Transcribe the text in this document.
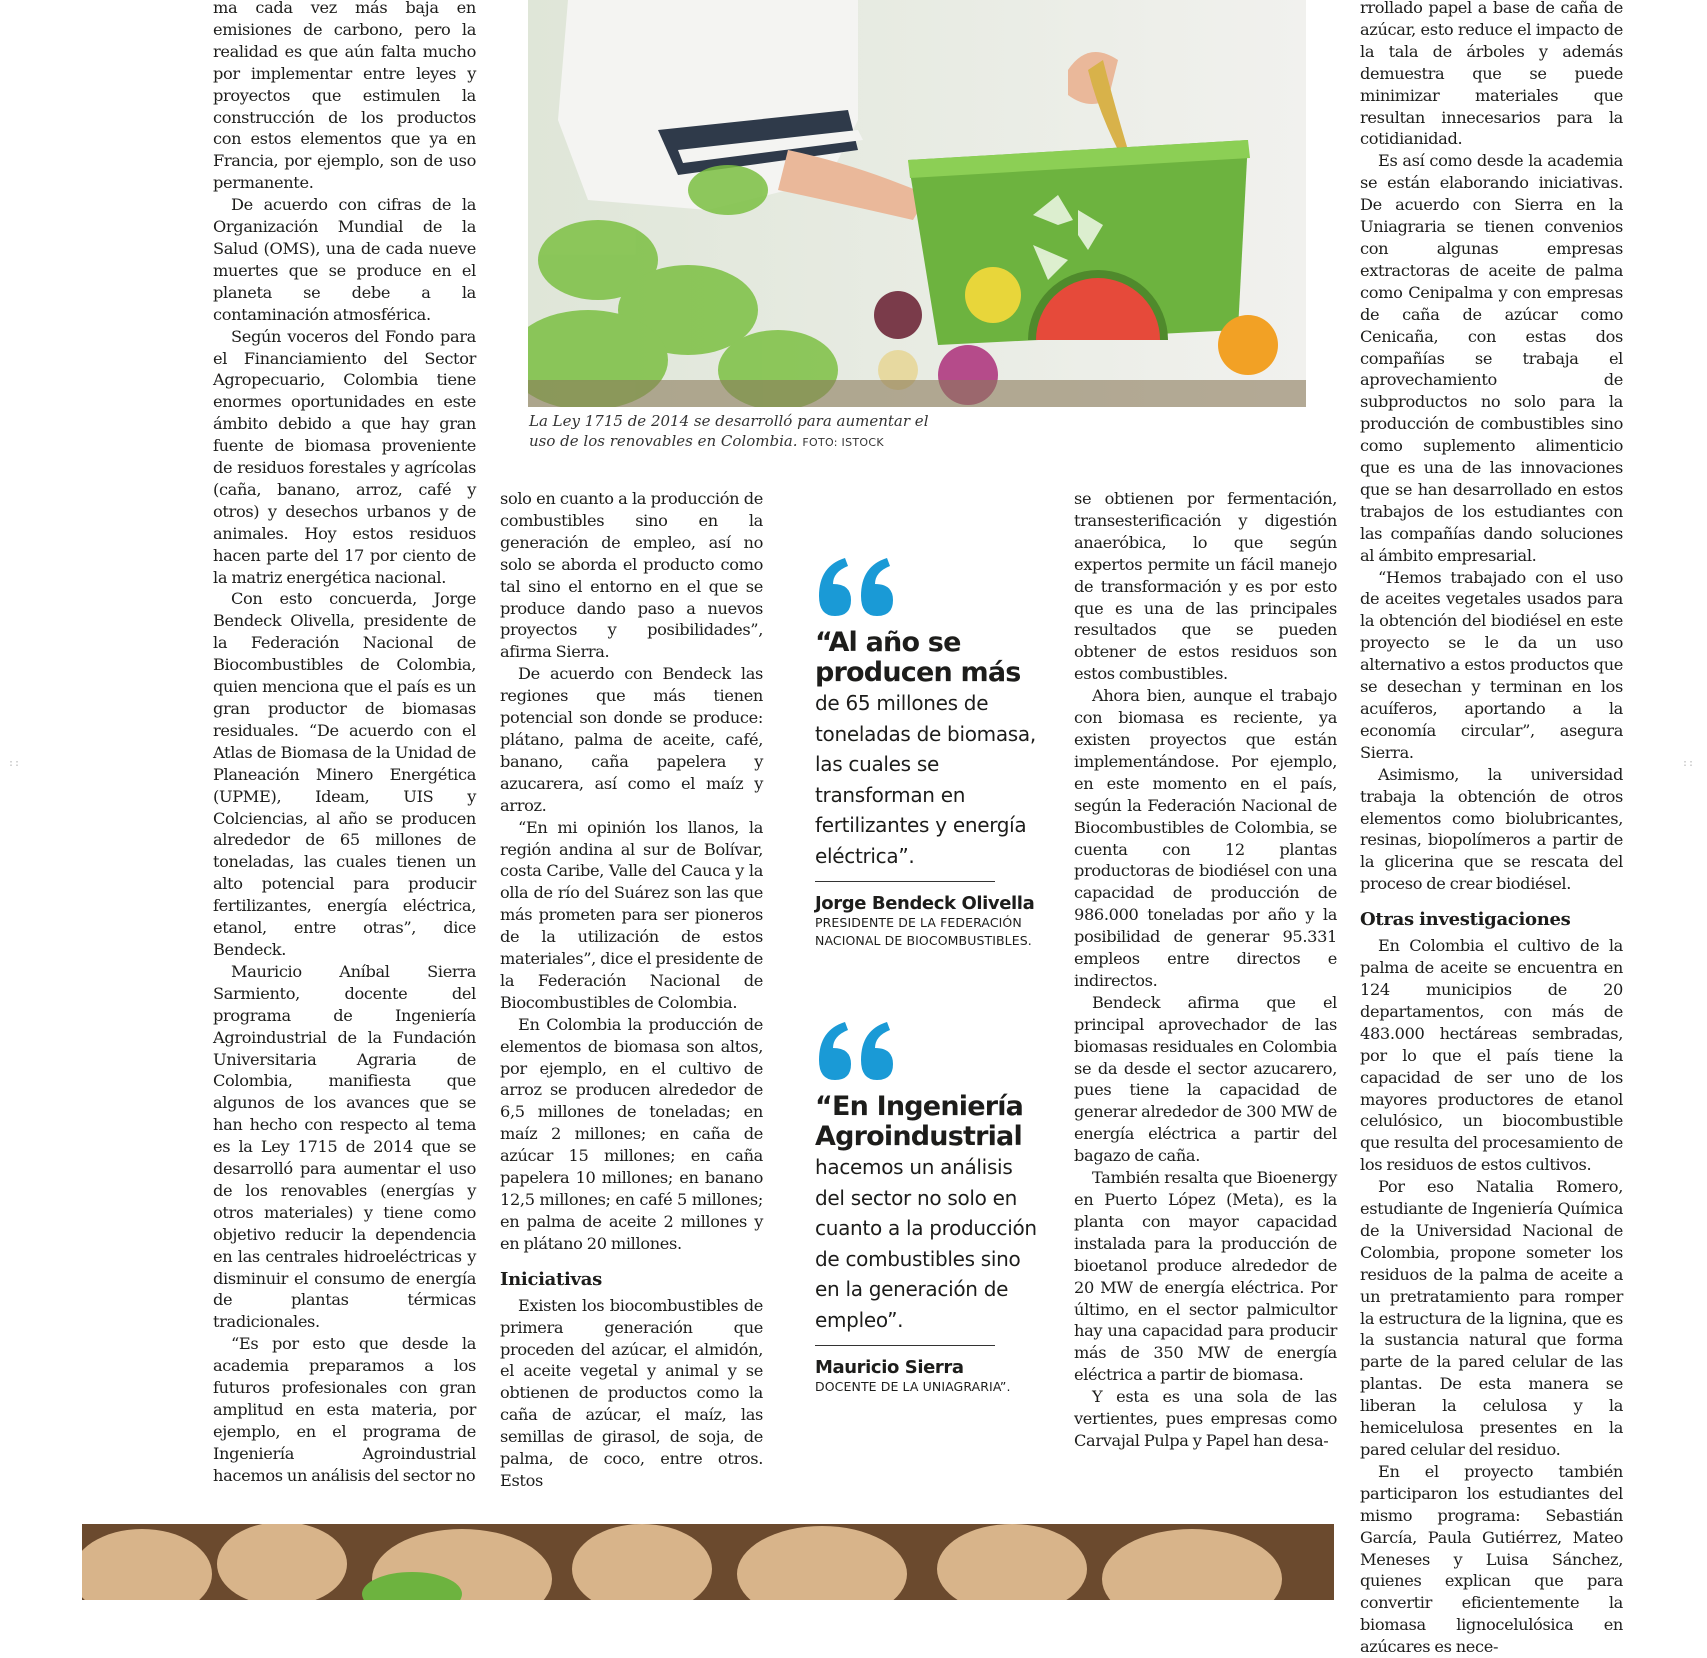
ma cada vez más baja en emisiones de carbono, pero la realidad es que aún falta mucho por implementar entre leyes y proyectos que estimulen la construcción de los productos con estos elementos que ya en Francia, por ejemplo, son de uso permanente.

De acuerdo con cifras de la Organización Mundial de la Salud (OMS), una de cada nueve muertes que se produce en el planeta se debe a la contaminación atmosférica.

Según voceros del Fondo para el Financiamiento del Sector Agropecuario, Colombia tiene enormes oportunidades en este ámbito debido a que hay gran fuente de biomasa proveniente de residuos forestales y agrícolas (caña, banano, arroz, café y otros) y desechos urbanos y de animales. Hoy estos residuos hacen parte del 17 por ciento de la matriz energética nacional.

Con esto concuerda, Jorge Bendeck Olivella, presidente de la Federación Nacional de Biocombustibles de Colombia, quien menciona que el país es un gran productor de biomasas residuales. “De acuerdo con el Atlas de Biomasa de la Unidad de Planeación Minero Energética (UPME), Ideam, UIS y Colciencias, al año se producen alrededor de 65 millones de toneladas, las cuales tienen un alto potencial para producir fertilizantes, energía eléctrica, etanol, entre otras”, dice Bendeck.

Mauricio Aníbal Sierra Sarmiento, docente del programa de Ingeniería Agroindustrial de la Fundación Universitaria Agraria de Colombia, manifiesta que algunos de los avances que se han hecho con respecto al tema es la Ley 1715 de 2014 que se desarrolló para aumentar el uso de los renovables (energías y otros materiales) y tiene como objetivo reducir la dependencia en las centrales hidroeléctricas y disminuir el consumo de energía de plantas térmicas tradicionales.

“Es por esto que desde la academia preparamos a los futuros profesionales con gran amplitud en esta materia, por ejemplo, en el programa de Ingeniería Agroindustrial hacemos un análisis del sector no

La Ley 1715 de 2014 se desarrolló para aumentar el uso de los renovables en Colombia. FOTO: ISTOCK

solo en cuanto a la producción de combustibles sino en la generación de empleo, así no solo se aborda el producto como tal sino el entorno en el que se produce dando paso a nuevos proyectos y posibilidades”, afirma Sierra.

De acuerdo con Bendeck las regiones que más tienen potencial son donde se produce: plátano, palma de aceite, café, banano, caña papelera y azucarera, así como el maíz y arroz.

“En mi opinión los llanos, la región andina al sur de Bolívar, costa Caribe, Valle del Cauca y la olla de río del Suárez son las que más prometen para ser pioneros de la utilización de estos materiales”, dice el presidente de la Federación Nacional de Biocombustibles de Colombia.

En Colombia la producción de elementos de biomasa son altos, por ejemplo, en el cultivo de arroz se producen alrededor de 6,5 millones de toneladas; en maíz 2 millones; en caña de azúcar 15 millones; en caña papelera 10 millones; en banano 12,5 millones; en café 5 millones; en palma de aceite 2 millones y en plátano 20 millones.

Iniciativas

Existen los biocombustibles de primera generación que proceden del azúcar, el almidón, el aceite vegetal y animal y se obtienen de productos como la caña de azúcar, el maíz, las semillas de girasol, de soja, de palma, de coco, entre otros. Estos

“Al año se producen más
de 65 millones de toneladas de biomasa, las cuales se transforman en fertilizantes y energía eléctrica”.
Jorge Bendeck Olivella
PRESIDENTE DE LA FEDERACIÓN NACIONAL DE BIOCOMBUSTIBLES.
“En Ingeniería Agroindustrial
hacemos un análisis del sector no solo en cuanto a la producción de combustibles sino en la generación de empleo”.
Mauricio Sierra
DOCENTE DE LA UNIAGRARIA”.

se obtienen por fermentación, transesterificación y digestión anaeróbica, lo que según expertos permite un fácil manejo de transformación y es por esto que es una de las principales resultados que se pueden obtener de estos residuos son estos combustibles.

Ahora bien, aunque el trabajo con biomasa es reciente, ya existen proyectos que están implementándose. Por ejemplo, en este momento en el país, según la Federación Nacional de Biocombustibles de Colombia, se cuenta con 12 plantas productoras de biodiésel con una capacidad de producción de 986.000 toneladas por año y la posibilidad de generar 95.331 empleos entre directos e indirectos.

Bendeck afirma que el principal aprovechador de las biomasas residuales en Colombia se da desde el sector azucarero, pues tiene la capacidad de generar alrededor de 300 MW de energía eléctrica a partir del bagazo de caña.

También resalta que Bioenergy en Puerto López (Meta), es la planta con mayor capacidad instalada para la producción de bioetanol produce alrededor de 20 MW de energía eléctrica. Por último, en el sector palmicultor hay una capacidad para producir más de 350 MW de energía eléctrica a partir de biomasa.

Y esta es una sola de las vertientes, pues empresas como Carvajal Pulpa y Papel han desa-

rrollado papel a base de caña de azúcar, esto reduce el impacto de la tala de árboles y además demuestra que se puede minimizar materiales que resultan innecesarios para la cotidianidad.

Es así como desde la academia se están elaborando iniciativas. De acuerdo con Sierra en la Uniagraria se tienen convenios con algunas empresas extractoras de aceite de palma como Cenipalma y con empresas de caña de azúcar como Cenicaña, con estas dos compañías se trabaja el aprovechamiento de subproductos no solo para la producción de combustibles sino como suplemento alimenticio que es una de las innovaciones que se han desarrollado en estos trabajos de los estudiantes con las compañías dando soluciones al ámbito empresarial.

“Hemos trabajado con el uso de aceites vegetales usados para la obtención del biodiésel en este proyecto se le da un uso alternativo a estos productos que se desechan y terminan en los acuíferos, aportando a la economía circular”, asegura Sierra.

Asimismo, la universidad trabaja la obtención de otros elementos como biolubricantes, resinas, biopolímeros a partir de la glicerina que se rescata del proceso de crear biodiésel.

Otras investigaciones

En Colombia el cultivo de la palma de aceite se encuentra en 124 municipios de 20 departamentos, con más de 483.000 hectáreas sembradas, por lo que el país tiene la capacidad de ser uno de los mayores productores de etanol celulósico, un biocombustible que resulta del procesamiento de los residuos de estos cultivos.

Por eso Natalia Romero, estudiante de Ingeniería Química de la Universidad Nacional de Colombia, propone someter los residuos de la palma de aceite a un pretratamiento para romper la estructura de la lignina, que es la sustancia natural que forma parte de la pared celular de las plantas. De esta manera se liberan la celulosa y la hemicelulosa presentes en la pared celular del residuo.

En el proyecto también participaron los estudiantes del mismo programa: Sebastián García, Paula Gutiérrez, Mateo Meneses y Luisa Sánchez, quienes explican que para convertir eficientemente la biomasa lignocelulósica en azúcares es nece-

::	::
